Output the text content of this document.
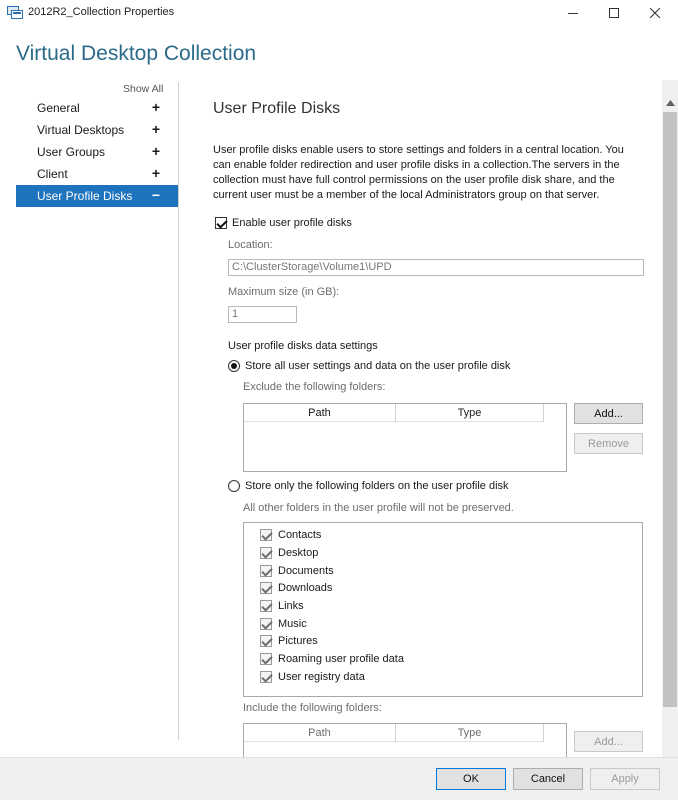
2012R2_Collection Properties
Virtual Desktop Collection
Show All
General	+
Virtual Desktops +
User Groups	+
Client	+
User Profile Disks −
User Profile Disks
User profile disks enable users to store settings and folders in a central location. You can enable folder redirection and user profile disks in a collection.The servers in the collection must have full control permissions on the user profile disk share, and the current user must be a member of the local Administrators group on that server.
Enable user profile disks
Location:
C:\ClusterStorage\Volume1\UPD
Maximum size (in GB):
1
User profile disks data settings
Store all user settings and data on the user profile disk
Exclude the following folders:
Path	Type	Add...
Remove
Store only the following folders on the user profile disk
All other folders in the user profile will not be preserved.
Contacts
Desktop
Documents
Downloads
Links
Music
Pictures
Roaming user profile data
User registry data
Include the following folders:
Path	Type
Add...
OK	Cancel	Apply
